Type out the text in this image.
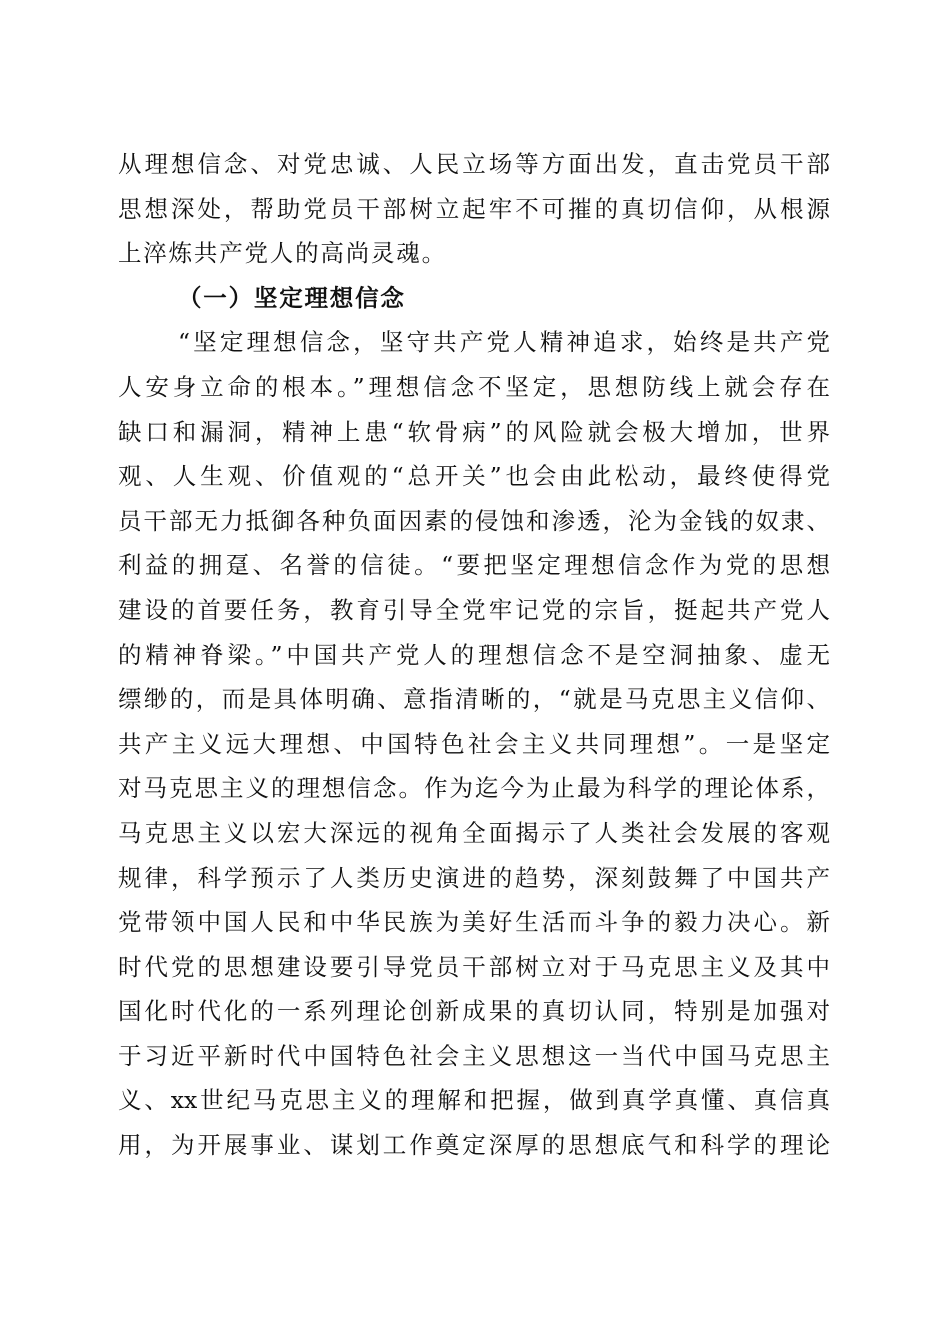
从理想信念、对党忠诚、人民立场等方面出发，直击党员干部
思想深处，帮助党员干部树立起牢不可摧的真切信仰，从根源
上淬炼共产党人的高尚灵魂。
（一）坚定理想信念
“坚定理想信念，坚守共产党人精神追求，始终是共产党
人安身立命的根本。”理想信念不坚定，思想防线上就会存在
缺口和漏洞，精神上患“软骨病”的风险就会极大增加，世界
观、人生观、价值观的“总开关”也会由此松动，最终使得党
员干部无力抵御各种负面因素的侵蚀和渗透，沦为金钱的奴隶、
利益的拥趸、名誉的信徒。“要把坚定理想信念作为党的思想
建设的首要任务，教育引导全党牢记党的宗旨，挺起共产党人
的精神脊梁。”中国共产党人的理想信念不是空洞抽象、虚无
缥缈的，而是具体明确、意指清晰的，“就是马克思主义信仰、
共产主义远大理想、中国特色社会主义共同理想”。一是坚定
对马克思主义的理想信念。作为迄今为止最为科学的理论体系，
马克思主义以宏大深远的视角全面揭示了人类社会发展的客观
规律，科学预示了人类历史演进的趋势，深刻鼓舞了中国共产
党带领中国人民和中华民族为美好生活而斗争的毅力决心。新
时代党的思想建设要引导党员干部树立对于马克思主义及其中
国化时代化的一系列理论创新成果的真切认同，特别是加强对
于习近平新时代中国特色社会主义思想这一当代中国马克思主
义、xx世纪马克思主义的理解和把握，做到真学真懂、真信真
用，为开展事业、谋划工作奠定深厚的思想底气和科学的理论
